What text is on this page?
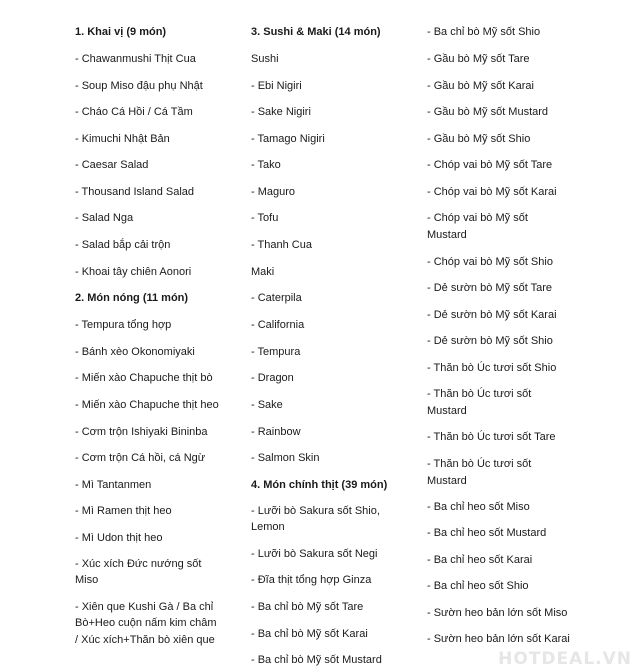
1. Khai vị (9 món)
- Chawanmushi Thịt Cua
- Soup Miso đậu phụ Nhật
- Cháo Cá Hồi / Cá Tầm
- Kimuchi Nhật Bản
- Caesar Salad
- Thousand Island Salad
- Salad Nga
- Salad bắp cải trộn
- Khoai tây chiên Aonori
2. Món nóng (11 món)
- Tempura tổng hợp
- Bánh xèo Okonomiyaki
- Miến xào Chapuche thịt bò
- Miến xào Chapuche thịt heo
- Cơm trộn Ishiyaki Bininba
- Cơm trộn Cá hồi, cá Ngừ
- Mì Tantanmen
- Mì Ramen thịt heo
- Mì Udon thịt heo
- Xúc xích Đức nướng sốt
Miso
- Xiên que Kushi Gà / Ba chỉ
Bò+Heo cuộn nấm kim châm
/ Xúc xích+Thăn bò xiên que
3. Sushi & Maki (14 món)
Sushi
- Ebi Nigiri
- Sake Nigiri
- Tamago Nigiri
- Tako
- Maguro
- Tofu
- Thanh Cua
Maki
- Caterpila
- California
- Tempura
- Dragon
- Sake
- Rainbow
- Salmon Skin
4. Món chính thịt (39 món)
- Lưỡi bò Sakura sốt Shio,
Lemon
- Lưỡi bò Sakura sốt Negi
- Đĩa thịt tổng hợp Ginza
- Ba chỉ bò Mỹ sốt Tare
- Ba chỉ bò Mỹ sốt Karai
- Ba chỉ bò Mỹ sốt Mustard
- Ba chỉ bò Mỹ sốt Shio
- Gầu bò Mỹ sốt Tare
- Gầu bò Mỹ sốt Karai
- Gầu bò Mỹ sốt Mustard
- Gầu bò Mỹ sốt Shio
- Chóp vai bò Mỹ sốt Tare
- Chóp vai bò Mỹ sốt Karai
- Chóp vai bò Mỹ sốt
Mustard
- Chóp vai bò Mỹ sốt Shio
- Dẻ sườn bò Mỹ sốt Tare
- Dẻ sườn bò Mỹ sốt Karai
- Dẻ sườn bò Mỹ sốt Shio
- Thăn bò Úc tươi sốt Shio
- Thăn bò Úc tươi sốt
Mustard
- Thăn bò Úc tươi sốt Tare
- Thăn bò Úc tươi sốt
Mustard
- Ba chỉ heo sốt Miso
- Ba chỉ heo sốt Mustard
- Ba chỉ heo sốt Karai
- Ba chỉ heo sốt Shio
- Sườn heo bản lớn sốt Miso
- Sườn heo bản lớn sốt Karai
HOTDEAL.VN
